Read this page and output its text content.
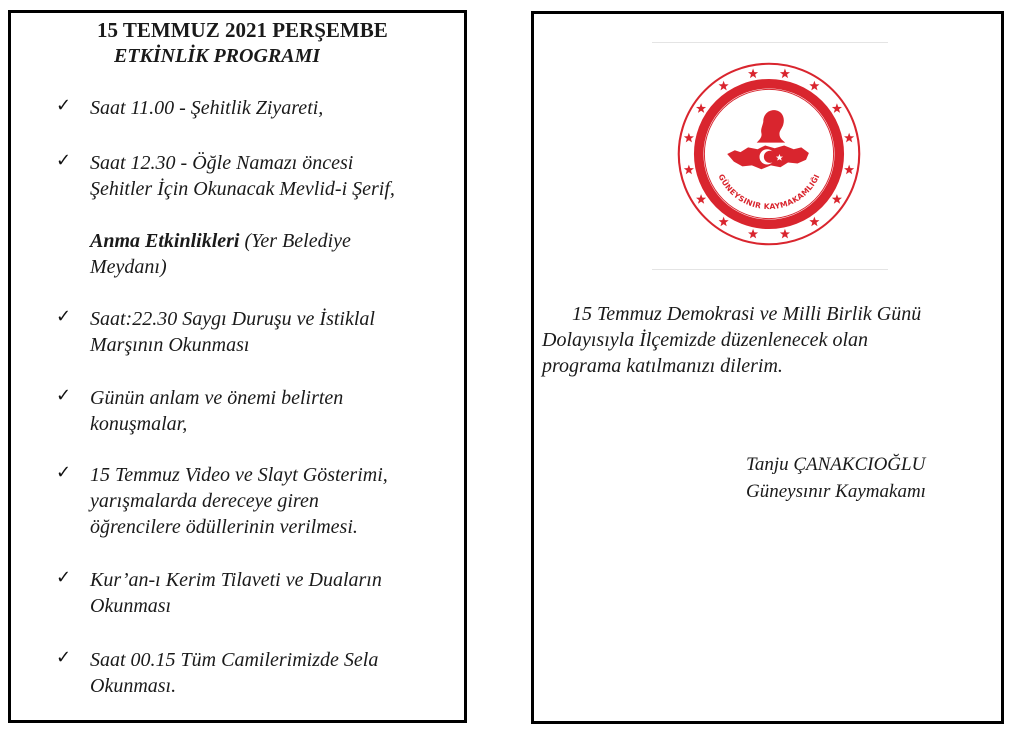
15 TEMMUZ 2021 PERŞEMBE
ETKİNLİK PROGRAMI
✓ Saat 11.00 - Şehitlik Ziyareti,
✓ Saat 12.30 - Öğle Namazı öncesi
Şehitler İçin Okunacak Mevlid-i Şerif,
Anma Etkinlikleri (Yer Belediye
Meydanı)
✓ Saat:22.30 Saygı Duruşu ve İstiklal
Marşının Okunması
✓ Günün anlam ve önemi belirten
konuşmalar,
✓ 15 Temmuz Video ve Slayt Gösterimi,
yarışmalarda dereceye giren
öğrencilere ödüllerinin verilmesi.
✓ Kur’an-ı Kerim Tilaveti ve Duaların
Okunması
✓ Saat 00.15 Tüm Camilerimizde Sela
Okunması.
T.C. İÇİŞLERİ BAKANLIĞI
GÜNEYSINIR KAYMAKAMLIĞI
15 Temmuz Demokrasi ve Milli Birlik Günü
Dolayısıyla İlçemizde düzenlenecek olan
programa katılmanızı dilerim.
Tanju ÇANAKCIOĞLU
Güneysınır Kaymakamı
